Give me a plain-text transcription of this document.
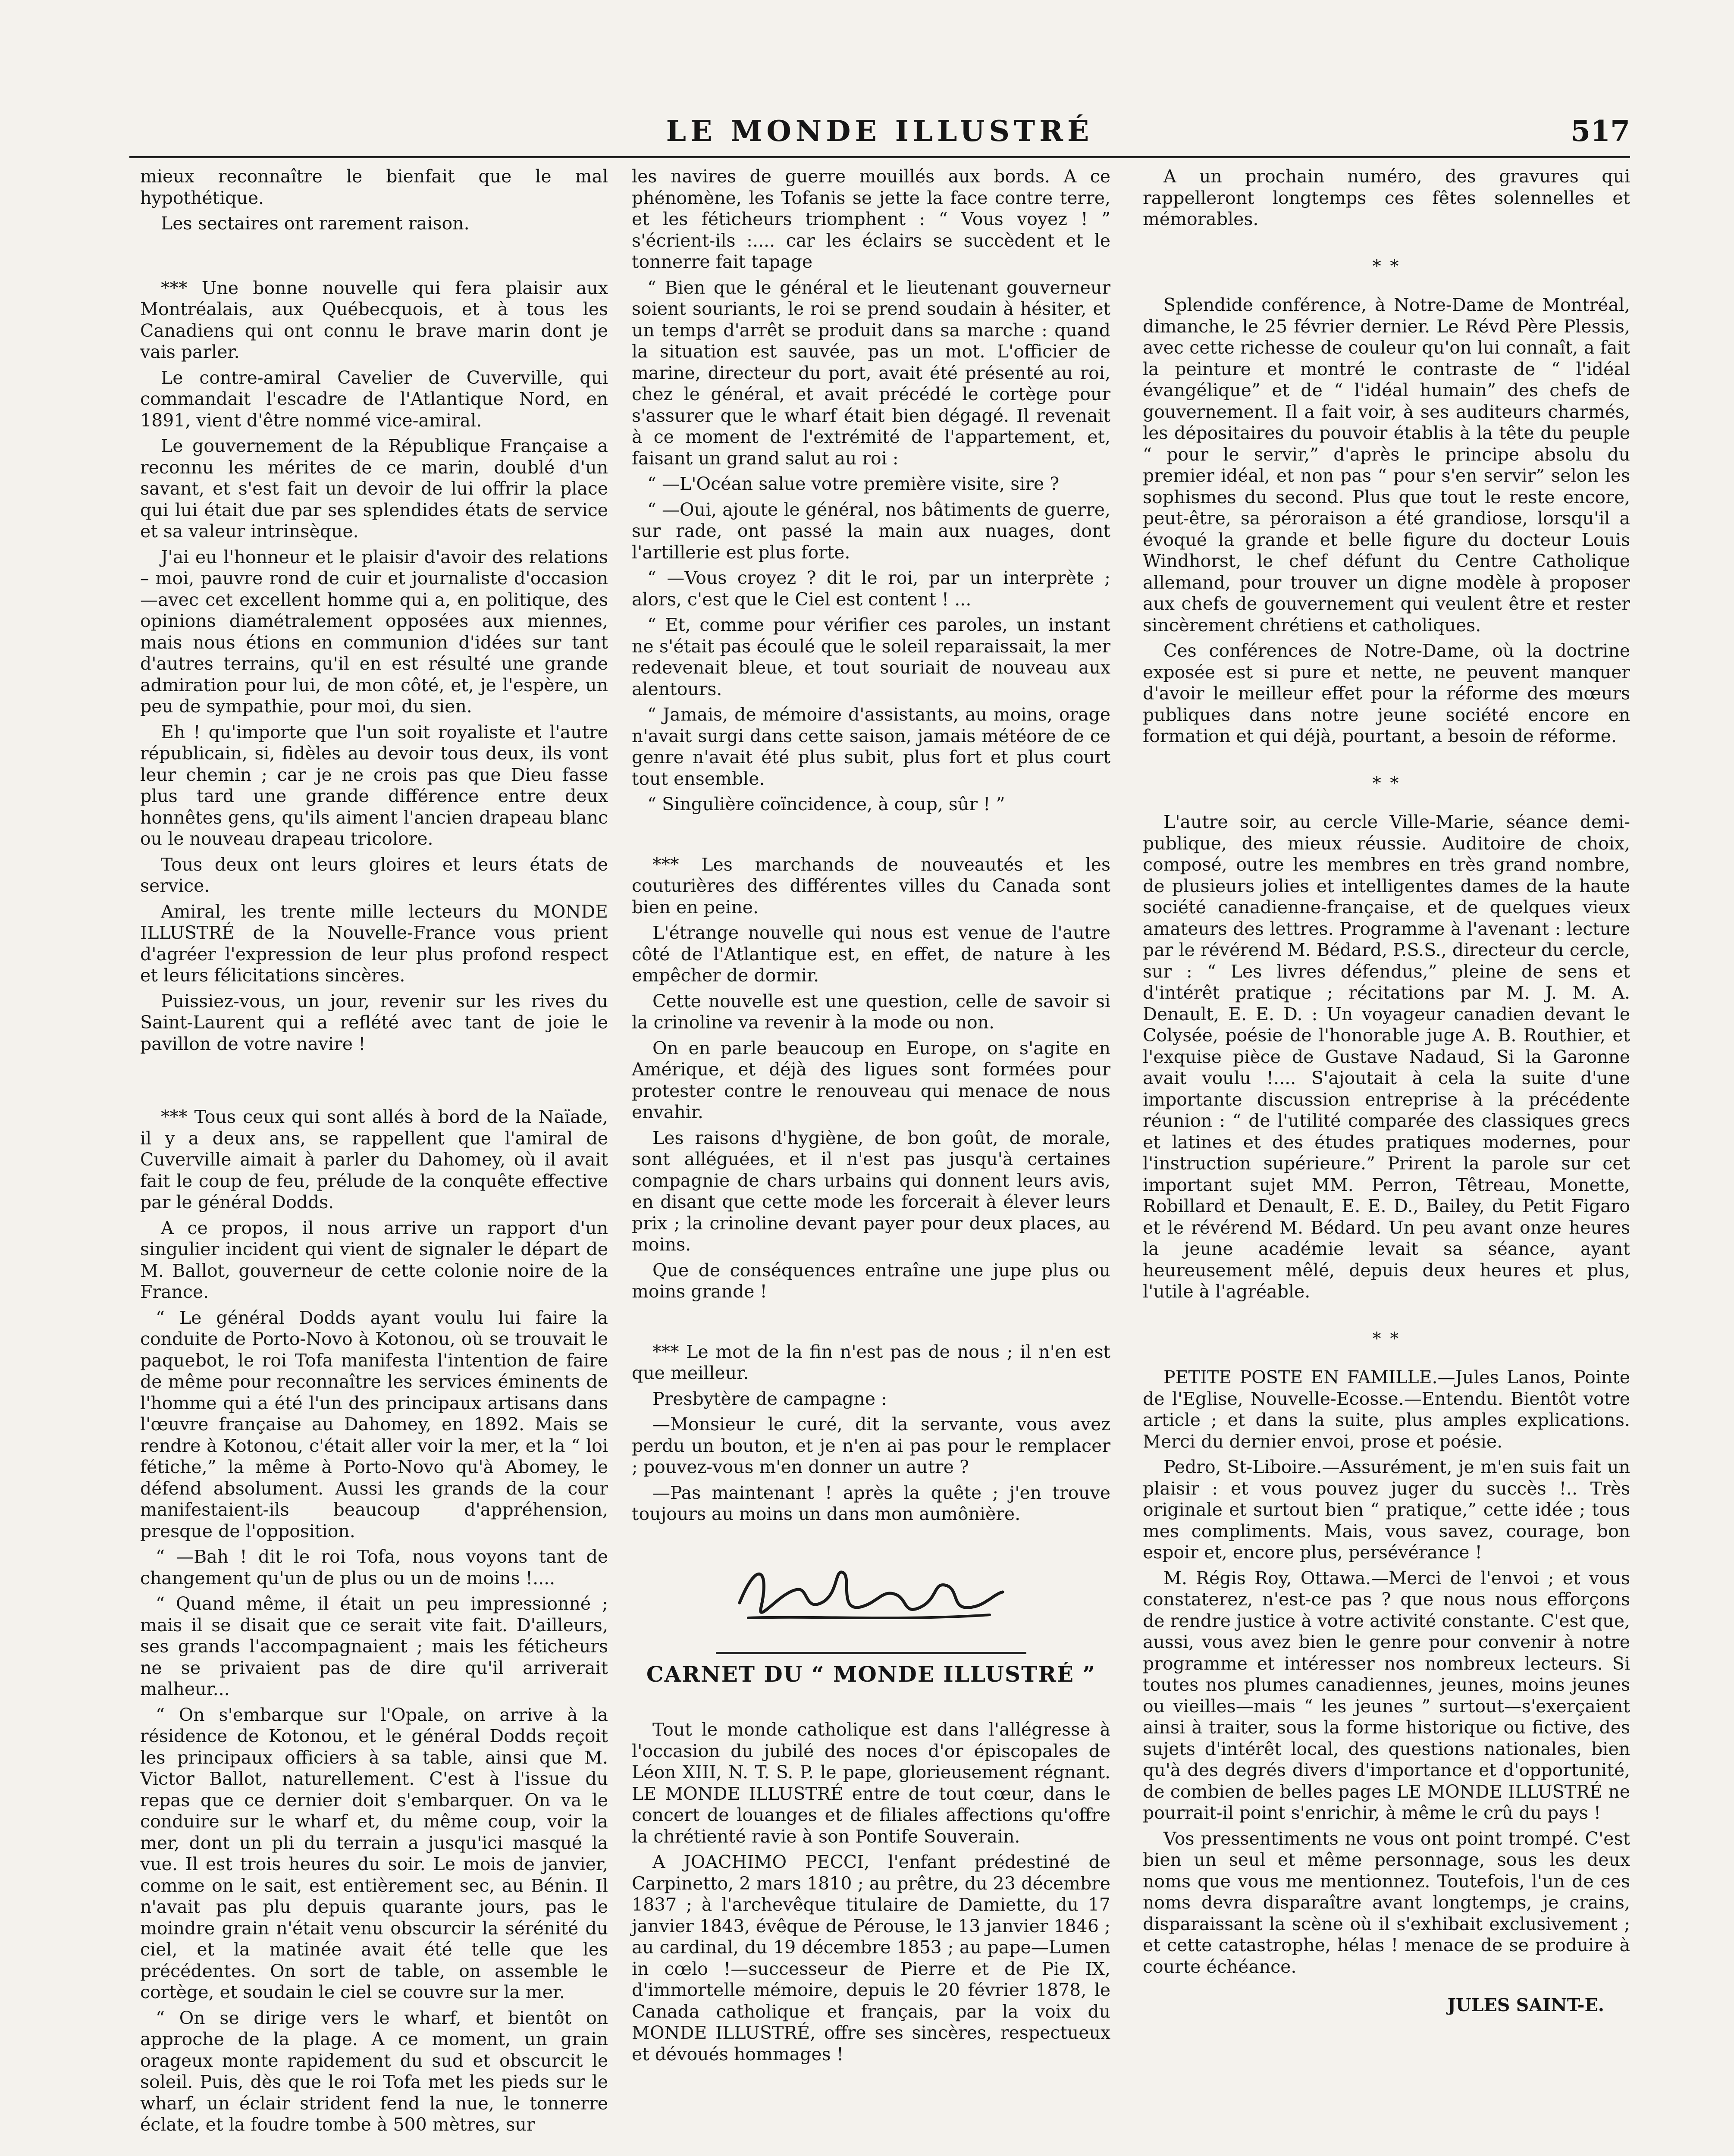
LE MONDE ILLUSTRÉ	517

mieux reconnaître le bienfait que le mal hypothétique.

Les sectaires ont rarement raison.

*** Une bonne nouvelle qui fera plaisir aux Montréalais, aux Québecquois, et à tous les Canadiens qui ont connu le brave marin dont je vais parler.

Le contre-amiral Cavelier de Cuverville, qui commandait l'escadre de l'Atlantique Nord, en 1891, vient d'être nommé vice-amiral.

Le gouvernement de la République Française a reconnu les mérites de ce marin, doublé d'un savant, et s'est fait un devoir de lui offrir la place qui lui était due par ses splendides états de service et sa valeur intrinsèque.

J'ai eu l'honneur et le plaisir d'avoir des relations – moi, pauvre rond de cuir et journaliste d'occasion—avec cet excellent homme qui a, en politique, des opinions diamétralement opposées aux miennes, mais nous étions en communion d'idées sur tant d'autres terrains, qu'il en est résulté une grande admiration pour lui, de mon côté, et, je l'espère, un peu de sympathie, pour moi, du sien.

Eh ! qu'importe que l'un soit royaliste et l'autre républicain, si, fidèles au devoir tous deux, ils vont leur chemin ; car je ne crois pas que Dieu fasse plus tard une grande différence entre deux honnêtes gens, qu'ils aiment l'ancien drapeau blanc ou le nouveau drapeau tricolore.

Tous deux ont leurs gloires et leurs états de service.

Amiral, les trente mille lecteurs du MONDE ILLUSTRÉ de la Nouvelle-France vous prient d'agréer l'expression de leur plus profond respect et leurs félicitations sincères.

Puissiez-vous, un jour, revenir sur les rives du Saint-Laurent qui a reflété avec tant de joie le pavillon de votre navire !

*** Tous ceux qui sont allés à bord de la Naïade, il y a deux ans, se rappellent que l'amiral de Cuverville aimait à parler du Dahomey, où il avait fait le coup de feu, prélude de la conquête effective par le général Dodds.

A ce propos, il nous arrive un rapport d'un singulier incident qui vient de signaler le départ de M. Ballot, gouverneur de cette colonie noire de la France.

“ Le général Dodds ayant voulu lui faire la conduite de Porto-Novo à Kotonou, où se trouvait le paquebot, le roi Tofa manifesta l'intention de faire de même pour reconnaître les services éminents de l'homme qui a été l'un des principaux artisans dans l'œuvre française au Dahomey, en 1892. Mais se rendre à Kotonou, c'était aller voir la mer, et la “ loi fétiche,” la même à Porto-Novo qu'à Abomey, le défend absolument. Aussi les grands de la cour manifestaient-ils beaucoup d'appréhension, presque de l'opposition.

“ —Bah ! dit le roi Tofa, nous voyons tant de changement qu'un de plus ou un de moins !....

“ Quand même, il était un peu impressionné ; mais il se disait que ce serait vite fait. D'ailleurs, ses grands l'accompagnaient ; mais les féticheurs ne se privaient pas de dire qu'il arriverait malheur...

“ On s'embarque sur l'Opale, on arrive à la résidence de Kotonou, et le général Dodds reçoit les principaux officiers à sa table, ainsi que M. Victor Ballot, naturellement. C'est à l'issue du repas que ce dernier doit s'embarquer. On va le conduire sur le wharf et, du même coup, voir la mer, dont un pli du terrain a jusqu'ici masqué la vue. Il est trois heures du soir. Le mois de janvier, comme on le sait, est entièrement sec, au Bénin. Il n'avait pas plu depuis quarante jours, pas le moindre grain n'était venu obscurcir la sérénité du ciel, et la matinée avait été telle que les précédentes. On sort de table, on assemble le cortège, et soudain le ciel se couvre sur la mer.

“ On se dirige vers le wharf, et bientôt on approche de la plage. A ce moment, un grain orageux monte rapidement du sud et obscurcit le soleil. Puis, dès que le roi Tofa met les pieds sur le wharf, un éclair strident fend la nue, le tonnerre éclate, et la foudre tombe à 500 mètres, sur

les navires de guerre mouillés aux bords. A ce phénomène, les Tofanis se jette la face contre terre, et les féticheurs triomphent : “ Vous voyez ! ” s'écrient-ils :.... car les éclairs se succèdent et le tonnerre fait tapage

“ Bien que le général et le lieutenant gouverneur soient souriants, le roi se prend soudain à hésiter, et un temps d'arrêt se produit dans sa marche : quand la situation est sauvée, pas un mot. L'officier de marine, directeur du port, avait été présenté au roi, chez le général, et avait précédé le cortège pour s'assurer que le wharf était bien dégagé. Il revenait à ce moment de l'extrémité de l'appartement, et, faisant un grand salut au roi :

“ —L'Océan salue votre première visite, sire ?

“ —Oui, ajoute le général, nos bâtiments de guerre, sur rade, ont passé la main aux nuages, dont l'artillerie est plus forte.

“ —Vous croyez ? dit le roi, par un interprète ; alors, c'est que le Ciel est content ! ...

“ Et, comme pour vérifier ces paroles, un instant ne s'était pas écoulé que le soleil reparaissait, la mer redevenait bleue, et tout souriait de nouveau aux alentours.

“ Jamais, de mémoire d'assistants, au moins, orage n'avait surgi dans cette saison, jamais météore de ce genre n'avait été plus subit, plus fort et plus court tout ensemble.

“ Singulière coïncidence, à coup, sûr ! ”

*** Les marchands de nouveautés et les couturières des différentes villes du Canada sont bien en peine.

L'étrange nouvelle qui nous est venue de l'autre côté de l'Atlantique est, en effet, de nature à les empêcher de dormir.

Cette nouvelle est une question, celle de savoir si la crinoline va revenir à la mode ou non.

On en parle beaucoup en Europe, on s'agite en Amérique, et déjà des ligues sont formées pour protester contre le renouveau qui menace de nous envahir.

Les raisons d'hygiène, de bon goût, de morale, sont alléguées, et il n'est pas jusqu'à certaines compagnie de chars urbains qui donnent leurs avis, en disant que cette mode les forcerait à élever leurs prix ; la crinoline devant payer pour deux places, au moins.

Que de conséquences entraîne une jupe plus ou moins grande !

*** Le mot de la fin n'est pas de nous ; il n'en est que meilleur.

Presbytère de campagne :

—Monsieur le curé, dit la servante, vous avez perdu un bouton, et je n'en ai pas pour le remplacer ; pouvez-vous m'en donner un autre ?

—Pas maintenant ! après la quête ; j'en trouve toujours au moins un dans mon aumônière.

CARNET DU “ MONDE ILLUSTRÉ ”

Tout le monde catholique est dans l'allégresse à l'occasion du jubilé des noces d'or épiscopales de Léon XIII, N. T. S. P. le pape, glorieusement régnant. LE MONDE ILLUSTRÉ entre de tout cœur, dans le concert de louanges et de filiales affections qu'offre la chrétienté ravie à son Pontife Souverain.

A JOACHIMO PECCI, l'enfant prédestiné de Carpinetto, 2 mars 1810 ; au prêtre, du 23 décembre 1837 ; à l'archevêque titulaire de Damiette, du 17 janvier 1843, évêque de Pérouse, le 13 janvier 1846 ; au cardinal, du 19 décembre 1853 ; au pape—Lumen in cœlo !—successeur de Pierre et de Pie IX, d'immortelle mémoire, depuis le 20 février 1878, le Canada catholique et français, par la voix du MONDE ILLUSTRÉ, offre ses sincères, respectueux et dévoués hommages !

A un prochain numéro, des gravures qui rappelleront longtemps ces fêtes solennelles et mémorables.

* *

Splendide conférence, à Notre-Dame de Montréal, dimanche, le 25 février dernier. Le Révd Père Plessis, avec cette richesse de couleur qu'on lui connaît, a fait la peinture et montré le contraste de “ l'idéal évangélique” et de “ l'idéal humain” des chefs de gouvernement. Il a fait voir, à ses auditeurs charmés, les dépositaires du pouvoir établis à la tête du peuple “ pour le servir,” d'après le principe absolu du premier idéal, et non pas “ pour s'en servir” selon les sophismes du second. Plus que tout le reste encore, peut-être, sa péroraison a été grandiose, lorsqu'il a évoqué la grande et belle figure du docteur Louis Windhorst, le chef défunt du Centre Catholique allemand, pour trouver un digne modèle à proposer aux chefs de gouvernement qui veulent être et rester sincèrement chrétiens et catholiques.

Ces conférences de Notre-Dame, où la doctrine exposée est si pure et nette, ne peuvent manquer d'avoir le meilleur effet pour la réforme des mœurs publiques dans notre jeune société encore en formation et qui déjà, pourtant, a besoin de réforme.

* *

L'autre soir, au cercle Ville-Marie, séance demi-publique, des mieux réussie. Auditoire de choix, composé, outre les membres en très grand nombre, de plusieurs jolies et intelligentes dames de la haute société canadienne-française, et de quelques vieux amateurs des lettres. Programme à l'avenant : lecture par le révérend M. Bédard, P.S.S., directeur du cercle, sur : “ Les livres défendus,” pleine de sens et d'intérêt pratique ; récitations par M. J. M. A. Denault, E. E. D. : Un voyageur canadien devant le Colysée, poésie de l'honorable juge A. B. Routhier, et l'exquise pièce de Gustave Nadaud, Si la Garonne avait voulu !.... S'ajoutait à cela la suite d'une importante discussion entreprise à la précédente réunion : “ de l'utilité comparée des classiques grecs et latines et des études pratiques modernes, pour l'instruction supérieure.” Prirent la parole sur cet important sujet MM. Perron, Têtreau, Monette, Robillard et Denault, E. E. D., Bailey, du Petit Figaro et le révérend M. Bédard. Un peu avant onze heures la jeune académie levait sa séance, ayant heureusement mêlé, depuis deux heures et plus, l'utile à l'agréable.

* *

PETITE POSTE EN FAMILLE.—Jules Lanos, Pointe de l'Eglise, Nouvelle-Ecosse.—Entendu. Bientôt votre article ; et dans la suite, plus amples explications. Merci du dernier envoi, prose et poésie.

Pedro, St-Liboire.—Assurément, je m'en suis fait un plaisir : et vous pouvez juger du succès !.. Très originale et surtout bien “ pratique,” cette idée ; tous mes compliments. Mais, vous savez, courage, bon espoir et, encore plus, persévérance !

M. Régis Roy, Ottawa.—Merci de l'envoi ; et vous constaterez, n'est-ce pas ? que nous nous efforçons de rendre justice à votre activité constante. C'est que, aussi, vous avez bien le genre pour convenir à notre programme et intéresser nos nombreux lecteurs. Si toutes nos plumes canadiennes, jeunes, moins jeunes ou vieilles—mais “ les jeunes ” surtout—s'exerçaient ainsi à traiter, sous la forme historique ou fictive, des sujets d'intérêt local, des questions nationales, bien qu'à des degrés divers d'importance et d'opportunité, de combien de belles pages LE MONDE ILLUSTRÉ ne pourrait-il point s'enrichir, à même le crû du pays !

Vos pressentiments ne vous ont point trompé. C'est bien un seul et même personnage, sous les deux noms que vous me mentionnez. Toutefois, l'un de ces noms devra disparaître avant longtemps, je crains, disparaissant la scène où il s'exhibait exclusivement ; et cette catastrophe, hélas ! menace de se produire à courte échéance.

JULES SAINT-E.
